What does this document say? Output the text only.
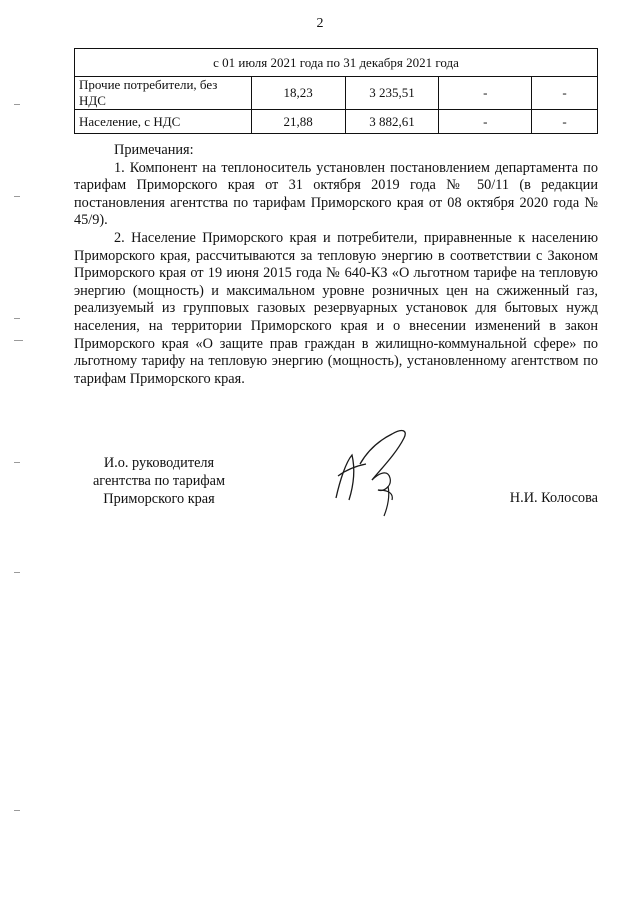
2
с 01 июля 2021 года по 31 декабря 2021 года				
Прочие потребители, без НДС	18,23	3 235,51	-	-
Население, с НДС	21,88	3 882,61	-	-

Примечания:

1. Компонент на теплоноситель установлен постановлением департамента по тарифам Приморского края от 31 октября 2019 года № 50/11 (в редакции постановления агентства по тарифам Приморского края от 08 октября 2020 года № 45/9).

2. Население Приморского края и потребители, приравненные к населению Приморского края, рассчитываются за тепловую энергию в соответствии с Законом Приморского края от 19 июня 2015 года № 640-КЗ «О льготном тарифе на тепловую энергию (мощность) и максимальном уровне розничных цен на сжиженный газ, реализуемый из групповых газовых резервуарных установок для бытовых нужд населения, на территории Приморского края и о внесении изменений в закон Приморского края «О защите прав граждан в жилищно-коммунальной сфере» по льготному тарифу на тепловую энергию (мощность), установленному агентством по тарифам Приморского края.

И.о. руководителя
агентства по тарифам
Приморского края	Н.И. Колосова
